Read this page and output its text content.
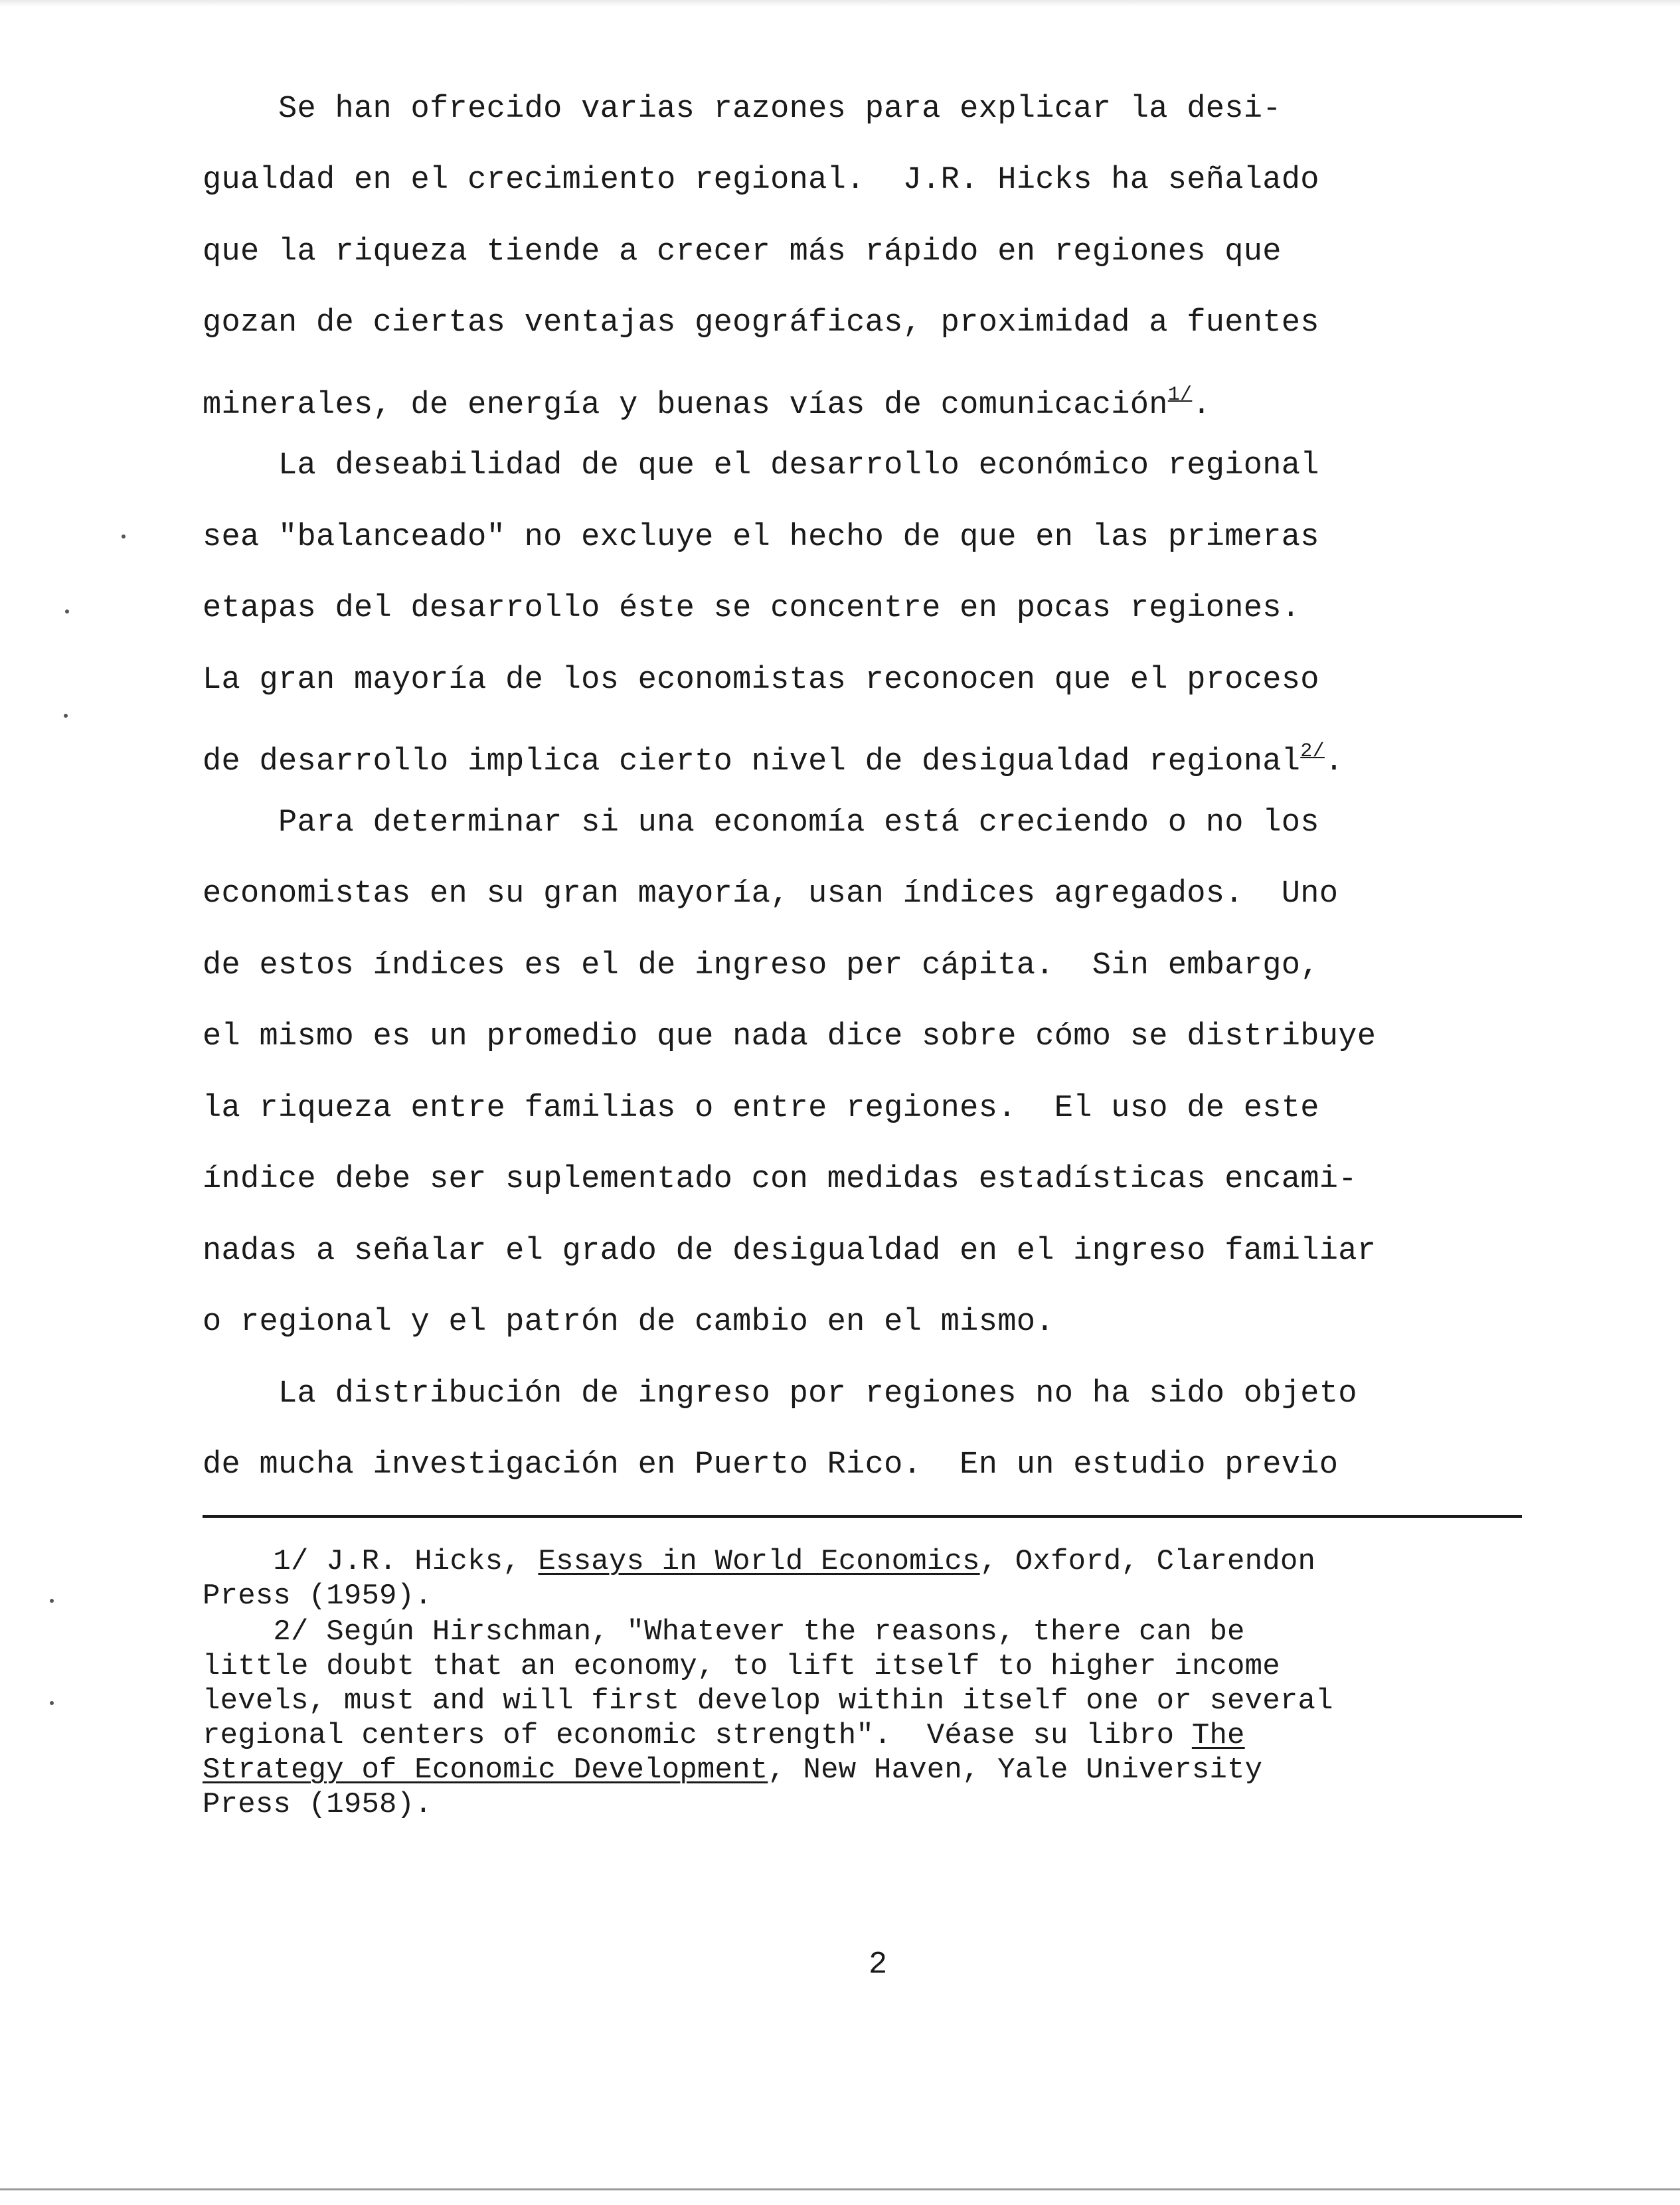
Se han ofrecido varias razones para explicar la desi-
gualdad en el crecimiento regional.  J.R. Hicks ha señalado
que la riqueza tiende a crecer más rápido en regiones que
gozan de ciertas ventajas geográficas, proximidad a fuentes
minerales, de energía y buenas vías de comunicación$^{1/}$.
La deseabilidad de que el desarrollo económico regional
sea "balanceado" no excluye el hecho de que en las primeras
etapas del desarrollo éste se concentre en pocas regiones.
La gran mayoría de los economistas reconocen que el proceso
de desarrollo implica cierto nivel de desigualdad regional$^{2/}$.
Para determinar si una economía está creciendo o no los
economistas en su gran mayoría, usan índices agregados.  Uno
de estos índices es el de ingreso per cápita.  Sin embargo,
el mismo es un promedio que nada dice sobre cómo se distribuye
la riqueza entre familias o entre regiones.  El uso de este
índice debe ser suplementado con medidas estadísticas encami-
nadas a señalar el grado de desigualdad en el ingreso familiar
o regional y el patrón de cambio en el mismo.
La distribución de ingreso por regiones no ha sido objeto
de mucha investigación en Puerto Rico.  En un estudio previo
1/ J.R. Hicks, Essays in World Economics, Oxford, Clarendon
Press (1959).
2/ Según Hirschman, "Whatever the reasons, there can be
little doubt that an economy, to lift itself to higher income
levels, must and will first develop within itself one or several
regional centers of economic strength".  Véase su libro The
Strategy of Economic Development, New Haven, Yale University
Press (1958).
2
